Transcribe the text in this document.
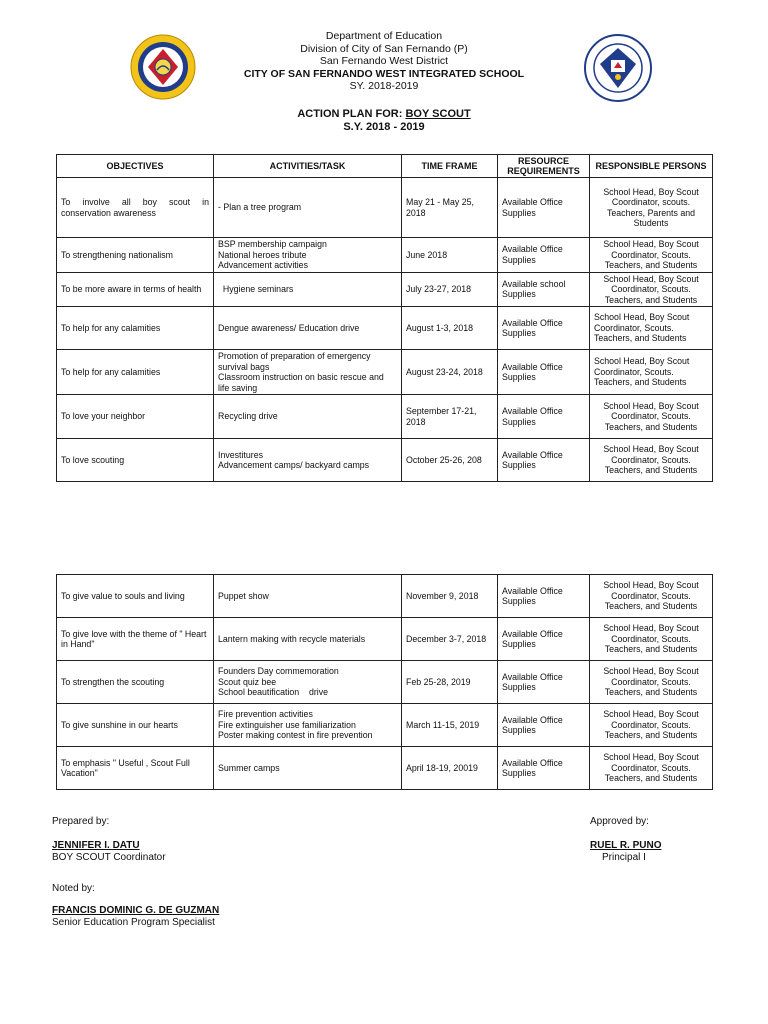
Department of Education
Division of City of San Fernando (P)
San Fernando West District
CITY OF SAN FERNANDO WEST INTEGRATED SCHOOL
SY. 2018-2019
ACTION PLAN FOR: BOY SCOUT
S.Y. 2018 - 2019
OBJECTIVES	ACTIVITIES/TASK	TIME FRAME	RESOURCE REQUIREMENTS	RESPONSIBLE PERSONS
To involve all boy scout in conservation awareness	- Plan a tree program	May 21 - May 25, 2018	Available Office Supplies	School Head, Boy Scout Coordinator, scouts. Teachers, Parents and Students
To strengthening nationalism	BSP membership campaign
National heroes tribute
Advancement activities	June 2018	Available Office Supplies	School Head, Boy Scout Coordinator, Scouts. Teachers, and Students
To be more aware in terms of health	Hygiene seminars	July 23-27, 2018	Available school Supplies	School Head, Boy Scout Coordinator, Scouts. Teachers, and Students
To help for any calamities	Dengue awareness/ Education drive	August 1-3, 2018	Available Office Supplies	School Head, Boy Scout Coordinator, Scouts. Teachers, and Students
To help for any calamities	Promotion of preparation of emergency survival bags
Classroom instruction on basic rescue and life saving	August 23-24, 2018	Available Office Supplies	School Head, Boy Scout Coordinator, Scouts. Teachers, and Students
To love your neighbor	Recycling drive	September 17-21, 2018	Available Office Supplies	School Head, Boy Scout Coordinator, Scouts. Teachers, and Students
To love scouting	Investitures
Advancement camps/ backyard camps	October 25-26, 208	Available Office Supplies	School Head, Boy Scout Coordinator, Scouts. Teachers, and Students
To give value to souls and living	Puppet show	November 9, 2018	Available Office Supplies	School Head, Boy Scout Coordinator, Scouts. Teachers, and Students
To give love with the theme of " Heart in Hand"	Lantern making with recycle materials	December 3-7, 2018	Available Office Supplies	School Head, Boy Scout Coordinator, Scouts. Teachers, and Students
To strengthen the scouting	Founders Day commemoration
Scout quiz bee
School beautification    drive	Feb 25-28, 2019	Available Office Supplies	School Head, Boy Scout Coordinator, Scouts. Teachers, and Students
To give sunshine in our hearts	Fire prevention activities
Fire extinguisher use familiarization
Poster making contest in fire prevention	March 11-15, 2019	Available Office Supplies	School Head, Boy Scout Coordinator, Scouts. Teachers, and Students
To emphasis " Useful , Scout Full Vacation"	Summer camps	April 18-19, 20019	Available Office Supplies	School Head, Boy Scout Coordinator, Scouts. Teachers, and Students
Prepared by:
JENNIFER I. DATU
BOY SCOUT Coordinator
Approved by:
RUEL R. PUNO
Principal I
Noted by:
FRANCIS DOMINIC G. DE GUZMAN
Senior Education Program Specialist
